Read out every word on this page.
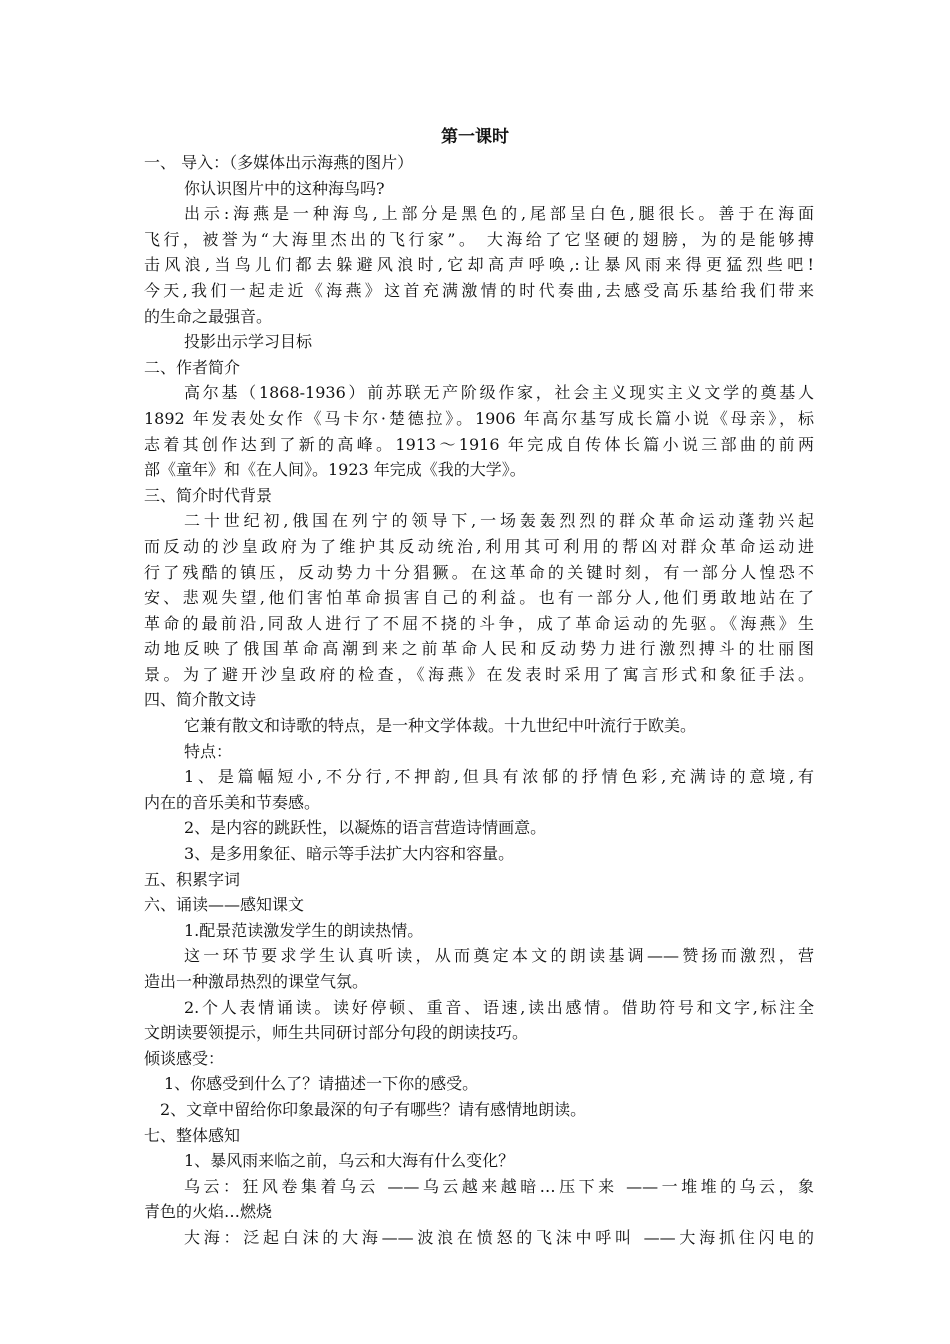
第一课时
一、 导入：（多媒体出示海燕的图片）
你认识图片中的这种海鸟吗?
出示:海燕是一种海鸟,上部分是黑色的,尾部呈白色,腿很长。善于在海面
飞行，被誉为“大海里杰出的飞行家”。 大海给了它坚硬的翅膀，为的是能够搏
击风浪,当鸟儿们都去躲避风浪时,它却高声呼唤,:让暴风雨来得更猛烈些吧!
今天,我们一起走近《海燕》这首充满激情的时代奏曲,去感受高乐基给我们带来
的生命之最强音。
投影出示学习目标
二、作者简介
高尔基（1868-1936）前苏联无产阶级作家，社会主义现实主义文学的奠基人
1892 年发表处女作《马卡尔·楚德拉》。1906 年高尔基写成长篇小说《母亲》，标
志着其创作达到了新的高峰。1913～1916 年完成自传体长篇小说三部曲的前两
部《童年》和《在人间》。1923 年完成《我的大学》。
三、简介时代背景
二十世纪初,俄国在列宁的领导下,一场轰轰烈烈的群众革命运动蓬勃兴起
而反动的沙皇政府为了维护其反动统治,利用其可利用的帮凶对群众革命运动进
行了残酷的镇压，反动势力十分猖獗。在这革命的关键时刻，有一部分人惶恐不
安、悲观失望,他们害怕革命损害自己的利益。也有一部分人,他们勇敢地站在了
革命的最前沿,同敌人进行了不屈不挠的斗争，成了革命运动的先驱。《海燕》生
动地反映了俄国革命高潮到来之前革命人民和反动势力进行激烈搏斗的壮丽图
景。为了避开沙皇政府的检查，《海燕》在发表时采用了寓言形式和象征手法。
四、简介散文诗
它兼有散文和诗歌的特点，是一种文学体裁。十九世纪中叶流行于欧美。
特点：
1、是篇幅短小,不分行,不押韵,但具有浓郁的抒情色彩,充满诗的意境,有
内在的音乐美和节奏感。
2、是内容的跳跃性，以凝炼的语言营造诗情画意。
3、是多用象征、暗示等手法扩大内容和容量。
五、积累字词
六、诵读——感知课文
1.配景范读激发学生的朗读热情。
这一环节要求学生认真听读，从而奠定本文的朗读基调——赞扬而激烈，营
造出一种激昂热烈的课堂气氛。
2.个人表情诵读。读好停顿、重音、语速,读出感情。借助符号和文字,标注全
文朗读要领提示，师生共同研讨部分句段的朗读技巧。
倾谈感受：
1、你感受到什么了？请描述一下你的感受。
2、文章中留给你印象最深的句子有哪些？请有感情地朗读。
七、整体感知
1、暴风雨来临之前，乌云和大海有什么变化？
乌云：狂风卷集着乌云 ——乌云越来越暗…压下来 ——一堆堆的乌云，象
青色的火焰…燃烧
大海：泛起白沫的大海——波浪在愤怒的飞沫中呼叫 ——大海抓住闪电的
